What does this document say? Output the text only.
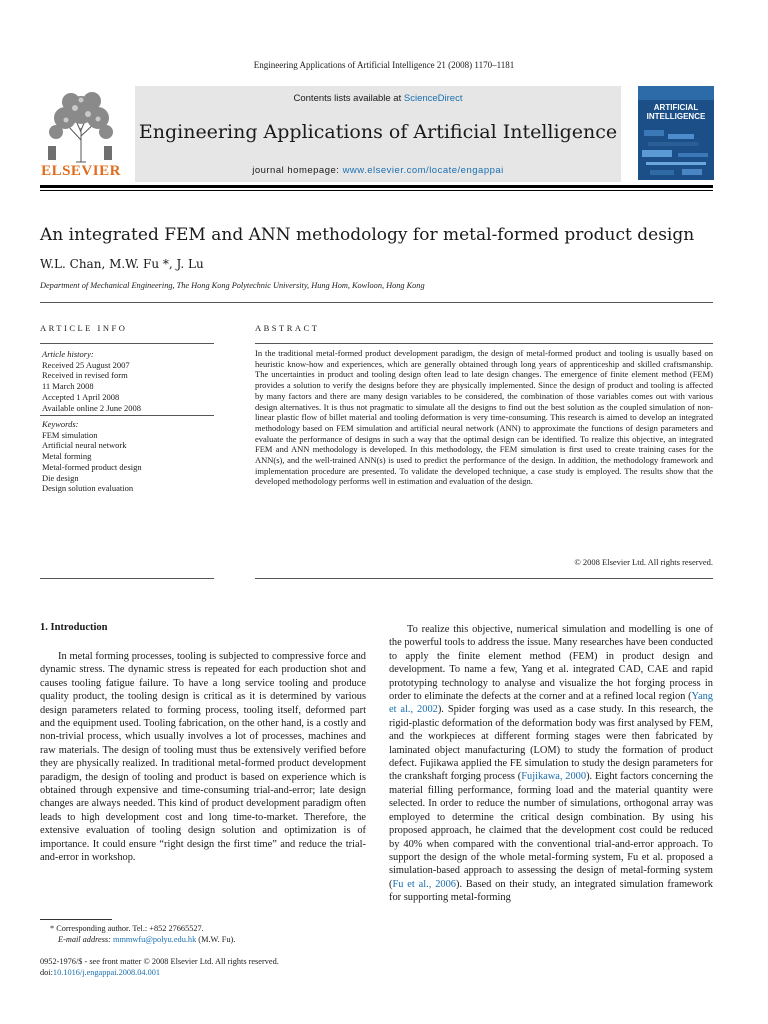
Engineering Applications of Artificial Intelligence 21 (2008) 1170–1181
ELSEVIER
Contents lists available at ScienceDirect
Engineering Applications of Artificial Intelligence
journal homepage: www.elsevier.com/locate/engappai
ARTIFICIAL
INTELLIGENCE
An integrated FEM and ANN methodology for metal-formed product design
W.L. Chan, M.W. Fu *, J. Lu
Department of Mechanical Engineering, The Hong Kong Polytechnic University, Hung Hom, Kowloon, Hong Kong
ARTICLE INFO	ABSTRACT
Article history:
Received 25 August 2007
Received in revised form
11 March 2008
Accepted 1 April 2008
Available online 2 June 2008
Keywords:
FEM simulation
Artificial neural network
Metal forming
Metal-formed product design
Die design
Design solution evaluation
In the traditional metal-formed product development paradigm, the design of metal-formed product and tooling is usually based on heuristic know-how and experiences, which are generally obtained through long years of apprenticeship and skilled craftsmanship. The uncertainties in product and tooling design often lead to late design changes. The emergence of finite element method (FEM) provides a solution to verify the designs before they are physically implemented. Since the design of product and tooling is affected by many factors and there are many design variables to be considered, the combination of those variables comes out with various design alternatives. It is thus not pragmatic to simulate all the designs to find out the best solution as the coupled simulation of non-linear plastic flow of billet material and tooling deformation is very time-consuming. This research is aimed to develop an integrated methodology based on FEM simulation and artificial neural network (ANN) to approximate the functions of design parameters and evaluate the performance of designs in such a way that the optimal design can be identified. To realize this objective, an integrated FEM and ANN methodology is developed. In this methodology, the FEM simulation is first used to create training cases for the ANN(s), and the well-trained ANN(s) is used to predict the performance of the design. In addition, the methodology framework and implementation procedure are presented. To validate the developed technique, a case study is employed. The results show that the developed methodology performs well in estimation and evaluation of the design.
© 2008 Elsevier Ltd. All rights reserved.
1. Introduction
In metal forming processes, tooling is subjected to compressive force and dynamic stress. The dynamic stress is repeated for each production shot and causes tooling fatigue failure. To have a long service tooling and produce quality product, the tooling design is critical as it is determined by various design parameters related to forming process, tooling itself, deformed part and the equipment used. Tooling fabrication, on the other hand, is a costly and non-trivial process, which usually involves a lot of processes, machines and raw materials. The design of tooling must thus be extensively verified before they are physically realized. In traditional metal-formed product development paradigm, the design of tooling and product is based on experience which is obtained through expensive and time-consuming trial-and-error; late design changes are always needed. This kind of product development paradigm often leads to high development cost and long time-to-market. Therefore, the extensive evaluation of tooling design solution and optimization is of importance. It could ensure “right design the first time” and reduce the trial-and-error in workshop.
To realize this objective, numerical simulation and modelling is one of the powerful tools to address the issue. Many researches have been conducted to apply the finite element method (FEM) in product design and development. To name a few, Yang et al. integrated CAD, CAE and rapid prototyping technology to analyse and visualize the hot forging process in order to eliminate the defects at the corner and at a refined local region (Yang et al., 2002). Spider forging was used as a case study. In this research, the rigid-plastic deformation of the deformation body was first analysed by FEM, and the workpieces at different forming stages were then fabricated by laminated object manufacturing (LOM) to study the formation of product defect. Fujikawa applied the FE simulation to study the design parameters for the crankshaft forging process (Fujikawa, 2000). Eight factors concerning the material filling performance, forming load and the material quantity were selected. In order to reduce the number of simulations, orthogonal array was employed to determine the critical design combination. By using his proposed approach, he claimed that the development cost could be reduced by 40% when compared with the conventional trial-and-error approach. To support the design of the whole metal-forming system, Fu et al. proposed a simulation-based approach to assessing the design of metal-forming system (Fu et al., 2006). Based on their study, an integrated simulation framework for supporting metal-forming
* Corresponding author. Tel.: +852 27665527.
E-mail address: mmmwfu@polyu.edu.hk (M.W. Fu).
0952-1976/$ - see front matter © 2008 Elsevier Ltd. All rights reserved.
doi:10.1016/j.engappai.2008.04.001
